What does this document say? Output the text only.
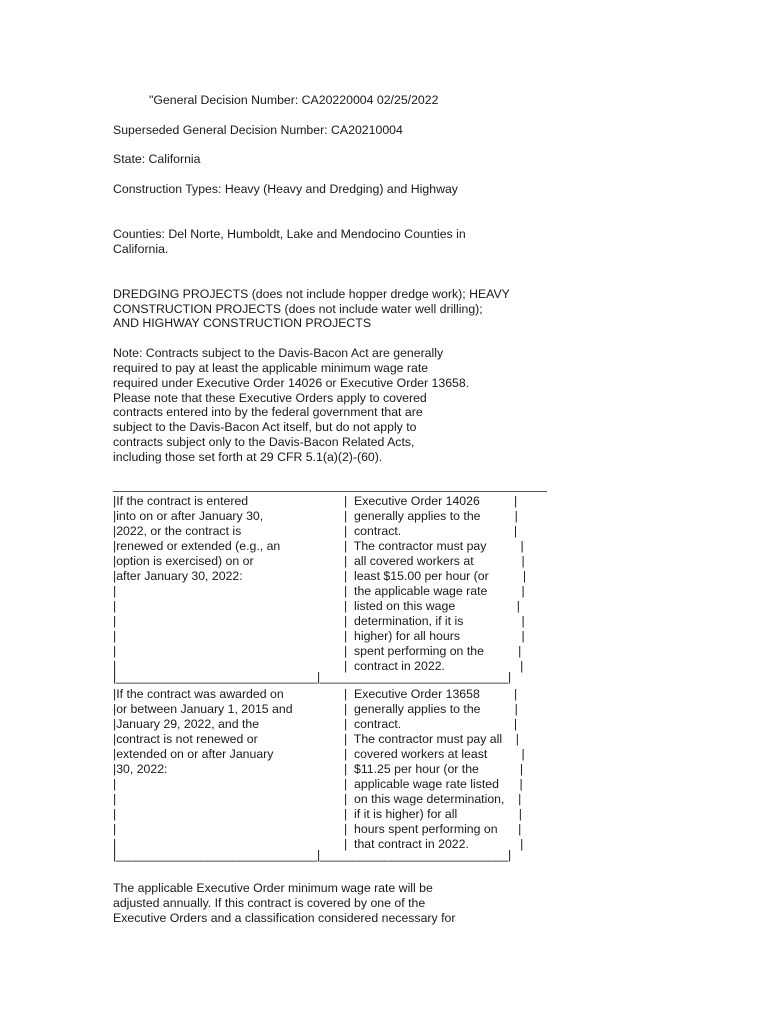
"General Decision Number: CA20220004 02/25/2022
Superseded General Decision Number: CA20210004
State: California
Construction Types: Heavy (Heavy and Dredging) and Highway
Counties: Del Norte, Humboldt, Lake and Mendocino Counties in
California.
DREDGING PROJECTS (does not include hopper dredge work); HEAVY
CONSTRUCTION PROJECTS (does not include water well drilling);
AND HIGHWAY CONSTRUCTION PROJECTS
Note: Contracts subject to the Davis-Bacon Act are generally
required to pay at least the applicable minimum wage rate
required under Executive Order 14026 or Executive Order 13658.
Please note that these Executive Orders apply to covered
contracts entered into by the federal government that are
subject to the Davis-Bacon Act itself, but do not apply to
contracts subject only to the Davis-Bacon Related Acts,
including those set forth at 29 CFR 5.1(a)(2)-(60).
|If the contract is entered
|into on or after January 30,
|2022, or the contract is
|renewed or extended (e.g., an
|option is exercised) on or
|after January 30, 2022:
|
|
|
|
|
|
|  Executive Order 14026          |
|  generally applies to the          |
|  contract.                                 |
|  The contractor must pay          |
|  all covered workers at              |
|  least $15.00 per hour (or          |
|  the applicable wage rate          |
|  listed on this wage                  |
|  determination, if it is                 |
|  higher) for all hours                  |
|  spent performing on the          |
|  contract in 2022.                      |
|_______________________________|_____________________________|
|If the contract was awarded on
|or between January 1, 2015 and
|January 29, 2022, and the
|contract is not renewed or
|extended on or after January
|30, 2022:
|
|
|
|
|
|  Executive Order 13658          |
|  generally applies to the          |
|  contract.                                 |
|  The contractor must pay all    |
|  covered workers at least          |
|  $11.25 per hour (or the            |
|  applicable wage rate listed      |
|  on this wage determination,    |
|  if it is higher) for all                  |
|  hours spent performing on      |
|  that contract in 2022.               |
|_______________________________|_____________________________|
The applicable Executive Order minimum wage rate will be
adjusted annually. If this contract is covered by one of the
Executive Orders and a classification considered necessary for
